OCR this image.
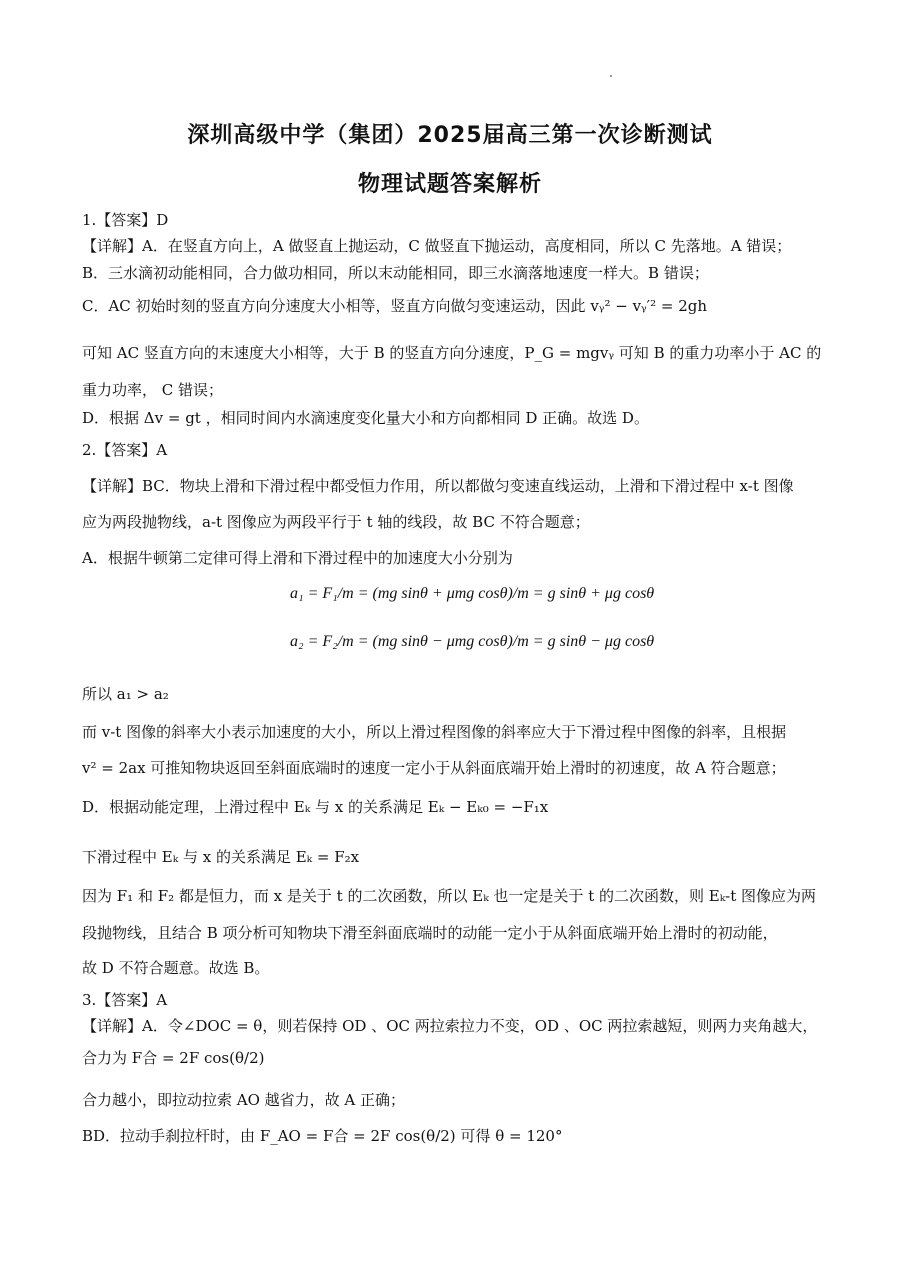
深圳高级中学（集团）2025届高三第一次诊断测试
物理试题答案解析
1.【答案】D
【详解】A．在竖直方向上，A 做竖直上抛运动，C 做竖直下抛运动，高度相同，所以 C 先落地。A 错误；
B．三水滴初动能相同，合力做功相同，所以末动能相同，即三水滴落地速度一样大。B 错误；
C．AC 初始时刻的竖直方向分速度大小相等，竖直方向做匀变速运动，因此 vᵧ² − vᵧ′² = 2gh
可知 AC 竖直方向的末速度大小相等，大于 B 的竖直方向分速度，P_G = mgvᵧ 可知 B 的重力功率小于 AC 的
重力功率， C 错误；
D．根据 Δv = gt ，相同时间内水滴速度变化量大小和方向都相同 D 正确。故选 D。
2.【答案】A
【详解】BC．物块上滑和下滑过程中都受恒力作用，所以都做匀变速直线运动，上滑和下滑过程中 x-t 图像
应为两段抛物线，a-t 图像应为两段平行于 t 轴的线段，故 BC 不符合题意；
A．根据牛顿第二定律可得上滑和下滑过程中的加速度大小分别为
a₁ = F₁/m = (mg sinθ + μmg cosθ)/m = g sinθ + μg cosθ
a₂ = F₂/m = (mg sinθ − μmg cosθ)/m = g sinθ − μg cosθ
所以 a₁ > a₂
而 v-t 图像的斜率大小表示加速度的大小，所以上滑过程图像的斜率应大于下滑过程中图像的斜率，且根据
v² = 2ax 可推知物块返回至斜面底端时的速度一定小于从斜面底端开始上滑时的初速度，故 A 符合题意；
D．根据动能定理，上滑过程中 Eₖ 与 x 的关系满足 Eₖ − Eₖ₀ = −F₁x
下滑过程中 Eₖ 与 x 的关系满足 Eₖ = F₂x
因为 F₁ 和 F₂ 都是恒力，而 x 是关于 t 的二次函数，所以 Eₖ 也一定是关于 t 的二次函数，则 Eₖ-t 图像应为两
段抛物线，且结合 B 项分析可知物块下滑至斜面底端时的动能一定小于从斜面底端开始上滑时的初动能，
故 D 不符合题意。故选 B。
3.【答案】A
【详解】A．令∠DOC = θ，则若保持 OD 、OC 两拉索拉力不变，OD 、OC 两拉索越短，则两力夹角越大，
合力为 F合 = 2F cos(θ/2)
合力越小，即拉动拉索 AO 越省力，故 A 正确；
BD．拉动手刹拉杆时，由 F_AO = F合 = 2F cos(θ/2) 可得 θ = 120°
